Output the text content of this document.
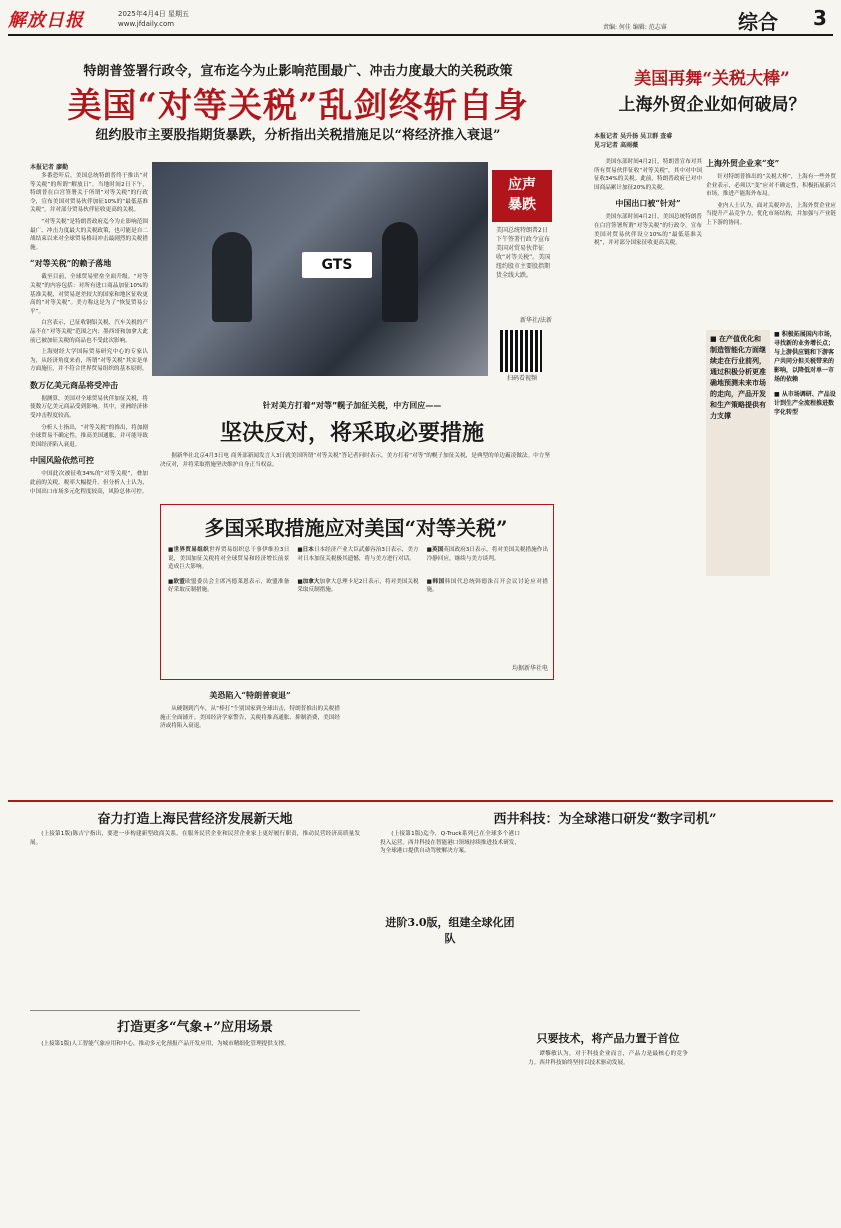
解放日报	2025年4月4日 星期五
www.jfdaily.com	责编: 何佳 编辑: 范志睿	综合 3
特朗普签署行政令，宣布迄今为止影响范围最广、冲击力度最大的关税政策
美国“对等关税”乱剑终斩自身
纽约股市主要股指期货暴跌，分析指出关税措施足以“将经济推入衰退”
本报记者 廖勤

多番恐吓后，美国总统特朗普终于推出“对等关税”的所谓“解放日”。当地时间2日下午，特朗普在白宫签署关于所谓“对等关税”的行政令，宣布美国对贸易伙伴加征10%的“最低基准关税”，并对部分贸易伙伴征收更高的关税。

“对等关税”是特朗普政府迄今为止影响范围最广、冲击力度最大的关税政策，也可能是自二战结束以来对全球贸易格局冲击最剧烈的关税措施。

“对等关税”的赖子落地

截至目前，全球贸易壁垒全面升级。“对等关税”的内容包括：对所有进口商品加征10%的基准关税，对贸易逆差较大的国家和地区征收更高的“对等关税”。美方称这是为了“恢复贸易公平”。

白宫表示，已征收钢铝关税、汽车关税的产品不在“对等关税”范围之内；墨西哥和加拿大此前已被加征关税的商品也不受此次影响。

上海财经大学国际贸易研究中心的专家认为，从经济角度来看，所谓“对等关税”其实是单方面施压，并不符合世界贸易组织的基本原则。

数万亿美元商品将受冲击

据测算，美国对全球贸易伙伴加征关税，将使数万亿美元商品受到影响。其中，亚洲经济体受冲击程度较高。

分析人士指出，“对等关税”的推出，将加剧全球贸易不确定性，推高美国通胀，并可能导致美国经济陷入衰退。

中国风险依然可控

中国此次被征收34%的“对等关税”，叠加此前的关税，税率大幅提升。但分析人士认为，中国出口市场多元化程度较高，风险总体可控。

GTS
应声
暴跌
美国总统特朗普2日下午签署行政令宣布美国对贸易伙伴征收“对等关税”。美国纽约股市主要股指期货全线大跌。
新华社/法新
扫码看视频
针对美方打着“对等”幌子加征关税，中方回应——
坚决反对，将采取必要措施
据新华社北京4月3日电 商务部新闻发言人3日就美国所谓“对等关税”答记者问时表示，美方打着“对等”的幌子加征关税，是典型的单边霸凌做法。中方坚决反对，并将采取措施坚决维护自身正当权益。
多国采取措施应对美国“对等关税”
■世界贸易组织世界贸易组织总干事伊维拉3日说，美国加征关税将对全球贸易和经济增长前景造成巨大影响。
■日本日本经济产业大臣武藤容治3日表示，美方对日本加征关税极其遗憾，将与美方进行对话。
■英国英国政府3日表示，将对美国关税措施作出冷静回应，继续与美方谈判。
■欧盟欧盟委员会主席冯德莱恩表示，欧盟准备好采取反制措施。
■加拿大加拿大总理卡尼2日表示，将对美国关税采取反制措施。
■韩国韩国代总统韩德洙召开会议讨论应对措施。
均据新华社电
美恐陷入“特朗普衰退”

从硬钢到汽车，从“棒打”个别国家到全球出击，特朗普推出的关税措施正全面铺开。美国经济学家警告，关税将推高通胀、抑制消费，美国经济或将陷入衰退。

美国再舞“关税大棒”
上海外贸企业如何破局？
本报记者 吴升扬 吴卫群 查睿
见习记者 高雨薇

美国东部时间4月2日，特朗普宣布对其所有贸易伙伴征收“对等关税”，其中对中国征收34%的关税。此前，特朗普政府已对中国商品累计加征20%的关税。

中国出口被“针对”

美国东部时间4月2日，美国总统特朗普在白宫签署所谓“对等关税”的行政令，宣布美国对贸易伙伴设立10%的“最低基准关税”，并对部分国家征收更高关税。

■ 在产值优化和制造智能化方面继续走在行业前列，通过积极分析更准确地预测未来市场的走向，产品开发和生产策略提供有力支撑
上海外贸企业来“变”

针对特朗普推出的“关税大棒”，上海有一些外贸企业表示，必须以“变”应对不确定性，积极拓展新兴市场，推进产能海外布局。

业内人士认为，面对关税冲击，上海外贸企业应当提升产品竞争力，优化市场结构，并加强与产业链上下游的协同。

■ 积极拓展国内市场，寻找新的业务增长点；与上游供应链和下游客户共同分担关税带来的影响，以降低对单一市场的依赖
■ 从市场调研、产品设计到生产全流程推进数字化转型
奋力打造上海民营经济发展新天地
(上接第1版)陈吉宁指出，要进一步构建新型政商关系，在服务民营企业和民营企业家上更好履行职责，推动民营经济高质量发展。
打造更多“气象+”应用场景
(上接第1版)人工智能气象应用和中心，推动多元化预报产品开发应用，为城市精细化管理提供支撑。
西井科技：为全球港口研发“数字司机”
(上接第1版)迄今，Q-Truck系列已在全球多个港口投入运营。西井科技在智能港口领域持续推进技术研发，为全球港口提供自动驾驶解决方案。
进阶3.0版，组建全球化团队
只要技术，将产品力置于首位
谭黎敏认为，对于科技企业而言，产品力是最核心的竞争力。西井科技始终坚持以技术驱动发展。
